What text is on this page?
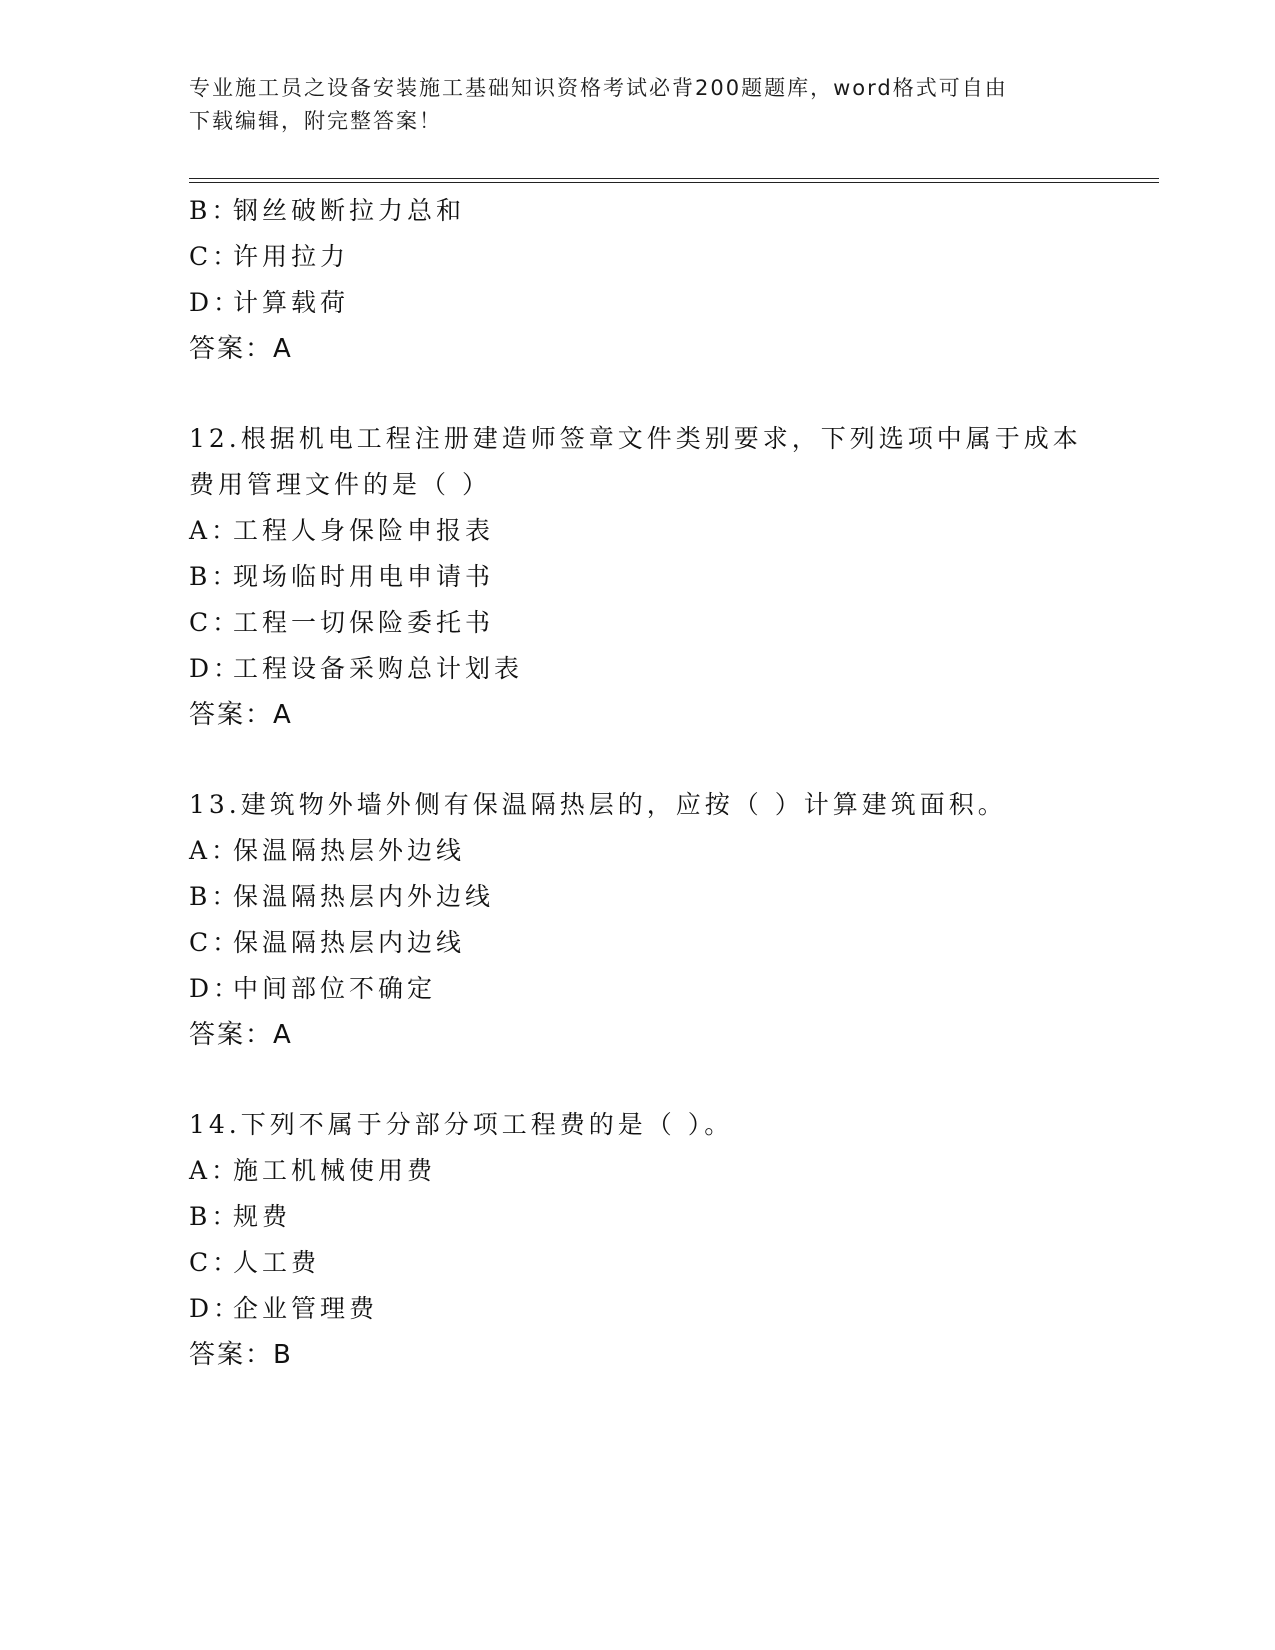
专业施工员之设备安装施工基础知识资格考试必背200题题库，word格式可自由
下载编辑，附完整答案！
B：钢丝破断拉力总和
C：许用拉力
D：计算载荷
答案：A
12.根据机电工程注册建造师签章文件类别要求，下列选项中属于成本
费用管理文件的是（ ）
A：工程人身保险申报表
B：现场临时用电申请书
C：工程一切保险委托书
D：工程设备采购总计划表
答案：A
13.建筑物外墙外侧有保温隔热层的，应按（ ）计算建筑面积。
A：保温隔热层外边线
B：保温隔热层内外边线
C：保温隔热层内边线
D：中间部位不确定
答案：A
14.下列不属于分部分项工程费的是（ ）。
A：施工机械使用费
B：规费
C：人工费
D：企业管理费
答案：B
